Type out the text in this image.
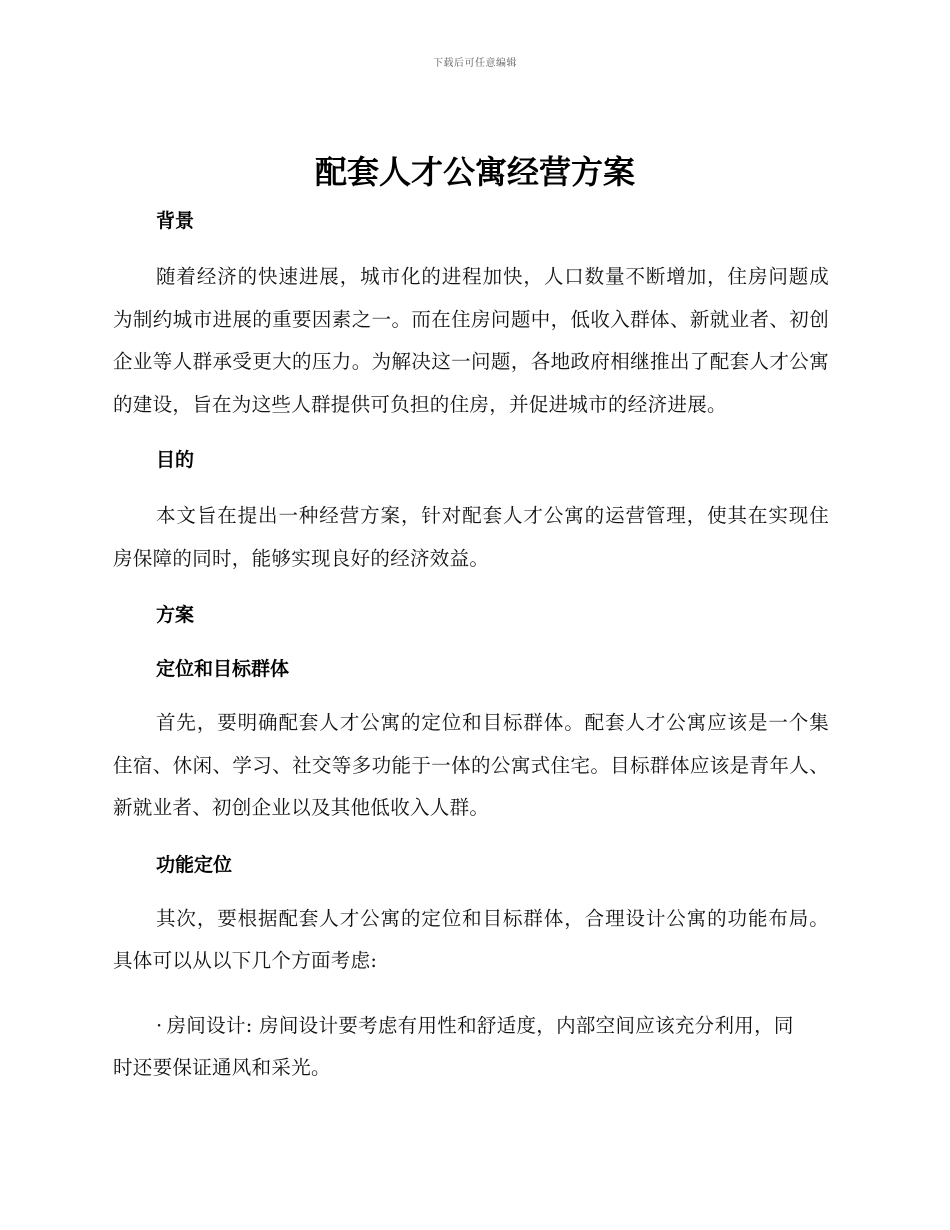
下载后可任意编辑
配套人才公寓经营方案
背景

随着经济的快速进展，城市化的进程加快，人口数量不断增加，住房问题成为制约城市进展的重要因素之一。而在住房问题中，低收入群体、新就业者、初创企业等人群承受更大的压力。为解决这一问题，各地政府相继推出了配套人才公寓的建设，旨在为这些人群提供可负担的住房，并促进城市的经济进展。

目的

本文旨在提出一种经营方案，针对配套人才公寓的运营管理，使其在实现住房保障的同时，能够实现良好的经济效益。

方案
定位和目标群体

首先，要明确配套人才公寓的定位和目标群体。配套人才公寓应该是一个集住宿、休闲、学习、社交等多功能于一体的公寓式住宅。目标群体应该是青年人、新就业者、初创企业以及其他低收入人群。

功能定位

其次，要根据配套人才公寓的定位和目标群体，合理设计公寓的功能布局。具体可以从以下几个方面考虑:

· 房间设计: 房间设计要考虑有用性和舒适度，内部空间应该充分利用，同时还要保证通风和采光。
